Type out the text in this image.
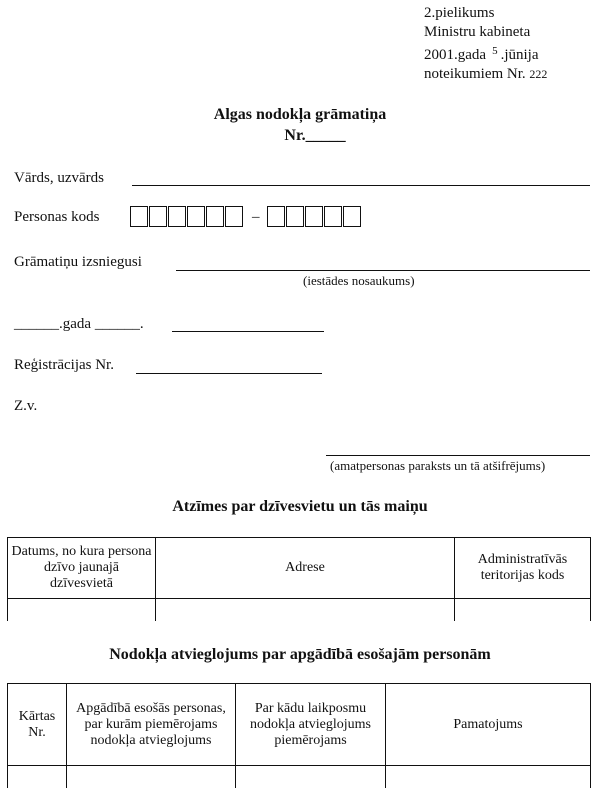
2.pielikums
Ministru kabineta
2001.gada $^5$ .jūnija
noteikumiem Nr. 222
Algas nodokļa grāmatiņa
Nr._____
Vārds, uzvārds
Personas kods	–
Grāmatiņu izsniegusi
(iestādes nosaukums)
______.gada ______.
Reģistrācijas Nr.
Z.v.
(amatpersonas paraksts un tā atšifrējums)
Atzīmes par dzīvesvietu un tās maiņu
Datums, no kura persona dzīvo jaunajā dzīvesvietā	Adrese	Administratīvās teritorijas kods

Nodokļa atvieglojums par apgādībā esošajām personām
Kārtas Nr.	Apgādībā esošās personas, par kurām piemērojams nodokļa atvieglojums	Par kādu laikposmu nodokļa atvieglojums piemērojams	Pamatojums
